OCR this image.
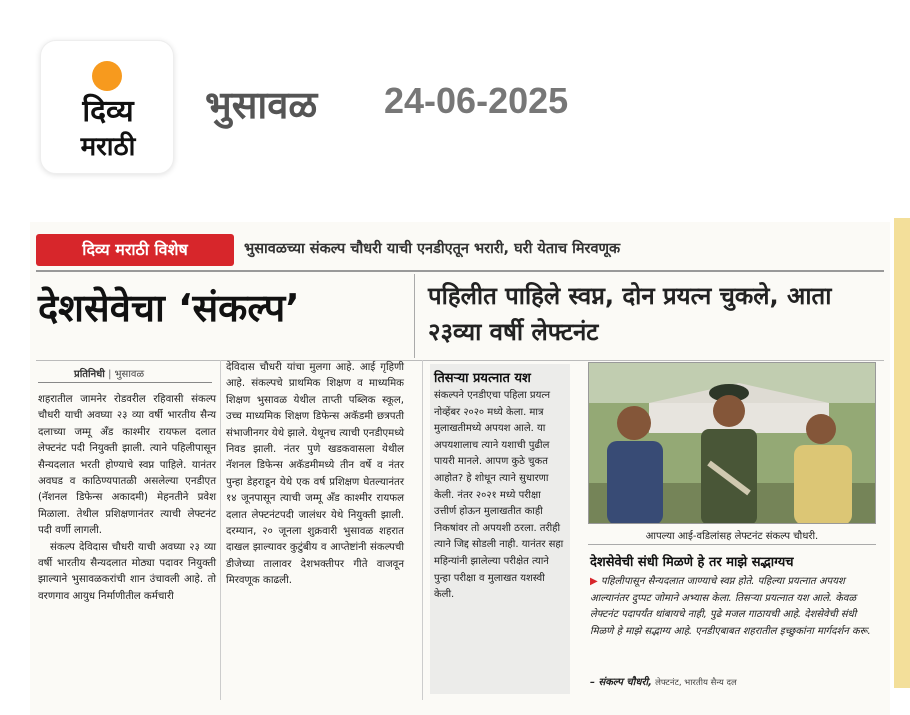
दिव्य
मराठी
भुसावळ 24-06-2025
दिव्य मराठी विशेष	भुसावळच्या संकल्प चौधरी याची एनडीएतून भरारी, घरी येताच मिरवणूक
देशसेवेचा ‘संकल्प’	पहिलीत पाहिले स्वप्न, दोन प्रयत्न चुकले, आता २३व्या वर्षी लेफ्टनंट
प्रतिनिधी | भुसावळ

शहरातील जामनेर रोडवरील रहिवासी संकल्प चौधरी याची अवघ्या २३ व्या वर्षी भारतीय सैन्य दलाच्या जम्मू अँड काश्मीर रायफल दलात लेफ्टनंट पदी नियुक्ती झाली. त्याने पहिलीपासून सैन्यदलात भरती होण्याचे स्वप्न पाहिले. यानंतर अवघड व काठिण्यपातळी असलेल्या एनडीएत (नॅशनल डिफेन्स अकादमी) मेहनतीने प्रवेश मिळाला. तेथील प्रशिक्षणानंतर त्याची लेफ्टनंट पदी वर्णी लागली.

संकल्प देविदास चौधरी याची अवघ्या २३ व्या वर्षी भारतीय सैन्यदलात मोठ्या पदावर नियुक्ती झाल्याने भुसावळकरांची शान उंचावली आहे. तो वरणगाव आयुध निर्माणीतील कर्मचारी

देविदास चौधरी यांचा मुलगा आहे. आई गृहिणी आहे. संकल्पचे प्राथमिक शिक्षण व माध्यमिक शिक्षण भुसावळ येथील ताप्ती पब्लिक स्कूल, उच्च माध्यमिक शिक्षण डिफेन्स अकॅडमी छत्रपती संभाजीनगर येथे झाले. येथूनच त्याची एनडीएमध्ये निवड झाली. नंतर पुणे खडकवासला येथील नॅशनल डिफेन्स अकॅडमीमध्ये तीन वर्षे व नंतर पुन्हा डेहराडून येथे एक वर्ष प्रशिक्षण घेतल्यानंतर १४ जूनपासून त्याची जम्मू अँड काश्मीर रायफल दलात लेफ्टनंटपदी जालंधर येथे नियुक्ती झाली. दरम्यान, २० जूनला शुक्रवारी भुसावळ शहरात दाखल झाल्यावर कुटुंबीय व आप्तेष्टांनी संकल्पची डीजेच्या तालावर देशभक्तीपर गीते वाजवून मिरवणूक काढली.

तिसऱ्या प्रयत्नात यश
संकल्पने एनडीएचा पहिला प्रयत्न नोव्हेंबर २०२० मध्ये केला. मात्र मुलाखतीमध्ये अपयश आले. या अपयशालाच त्याने यशाची पुढील पायरी मानले. आपण कुठे चुकत आहोत? हे शोधून त्याने सुधारणा केली. नंतर २०२१ मध्ये परीक्षा उत्तीर्ण होऊन मुलाखतीत काही निकषांवर तो अपयशी ठरला. तरीही त्याने जिद्द सोडली नाही. यानंतर सहा महिन्यांनी झालेल्या परीक्षेत त्याने पुन्हा परीक्षा व मुलाखत यशस्वी केली.
आपल्या आई-वडिलांसह लेफ्टनंट संकल्प चौधरी.
देशसेवेची संधी मिळणे हे तर माझे सद्भाग्यच
▶ पहिलीपासून सैन्यदलात जाण्याचे स्वप्न होते. पहिल्या प्रयत्नात अपयश आल्यानंतर दुप्पट जोमाने अभ्यास केला. तिसऱ्या प्रयत्नात यश आले. केवळ लेफ्टनंट पदापर्यंत थांबायचे नाही, पुढे मजल गाठायची आहे. देशसेवेची संधी मिळणे हे माझे सद्भाग्य आहे. एनडीएबाबत शहरातील इच्छुकांना मार्गदर्शन करू.
– संकल्प चौधरी, लेफ्टनंट, भारतीय सैन्य दल
